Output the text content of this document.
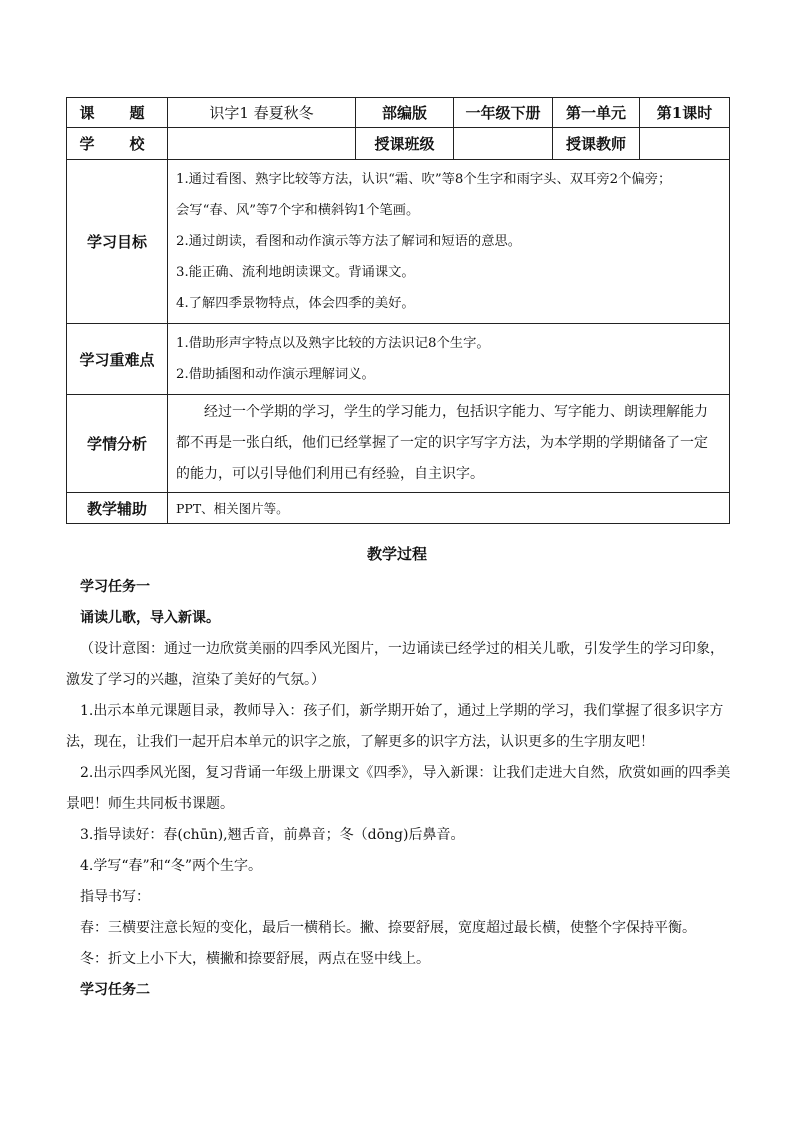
课　题	识字1 春夏秋冬	部编版	一年级下册	第一单元	第1课时
学　校		授课班级		授课教师	
学习目标	1.通过看图、熟字比较等方法，认识“霜、吹”等8个生字和雨字头、双耳旁2个偏旁；
会写“春、风”等7个字和横斜钩1个笔画。
2.通过朗读，看图和动作演示等方法了解词和短语的意思。
3.能正确、流利地朗读课文。背诵课文。
4.了解四季景物特点，体会四季的美好。				

学习重难点	1.借助形声字特点以及熟字比较的方法识记8个生字。
2.借助插图和动作演示理解词义。				

学情分析	经过一个学期的学习，学生的学习能力，包括识字能力、写字能力、朗读理解能力都不再是一张白纸，他们已经掌握了一定的识字写字方法，为本学期的学期储备了一定的能力，可以引导他们利用已有经验，自主识字。				
教学辅助	PPT、相关图片等。				
教学过程

学习任务一

诵读儿歌，导入新课。

（设计意图：通过一边欣赏美丽的四季风光图片，一边诵读已经学过的相关儿歌，引发学生的学习印象，激发了学习的兴趣，渲染了美好的气氛。）

1.出示本单元课题目录，教师导入：孩子们，新学期开始了，通过上学期的学习，我们掌握了很多识字方法，现在，让我们一起开启本单元的识字之旅，了解更多的识字方法，认识更多的生字朋友吧！

2.出示四季风光图，复习背诵一年级上册课文《四季》，导入新课：让我们走进大自然，欣赏如画的四季美景吧！师生共同板书课题。

3.指导读好：春(chūn),翘舌音，前鼻音；冬（dōng)后鼻音。

4.学写“春”和“冬”两个生字。

指导书写：

春：三横要注意长短的变化，最后一横稍长。撇、捺要舒展，宽度超过最长横，使整个字保持平衡。

冬：折文上小下大，横撇和捺要舒展，两点在竖中线上。

学习任务二
